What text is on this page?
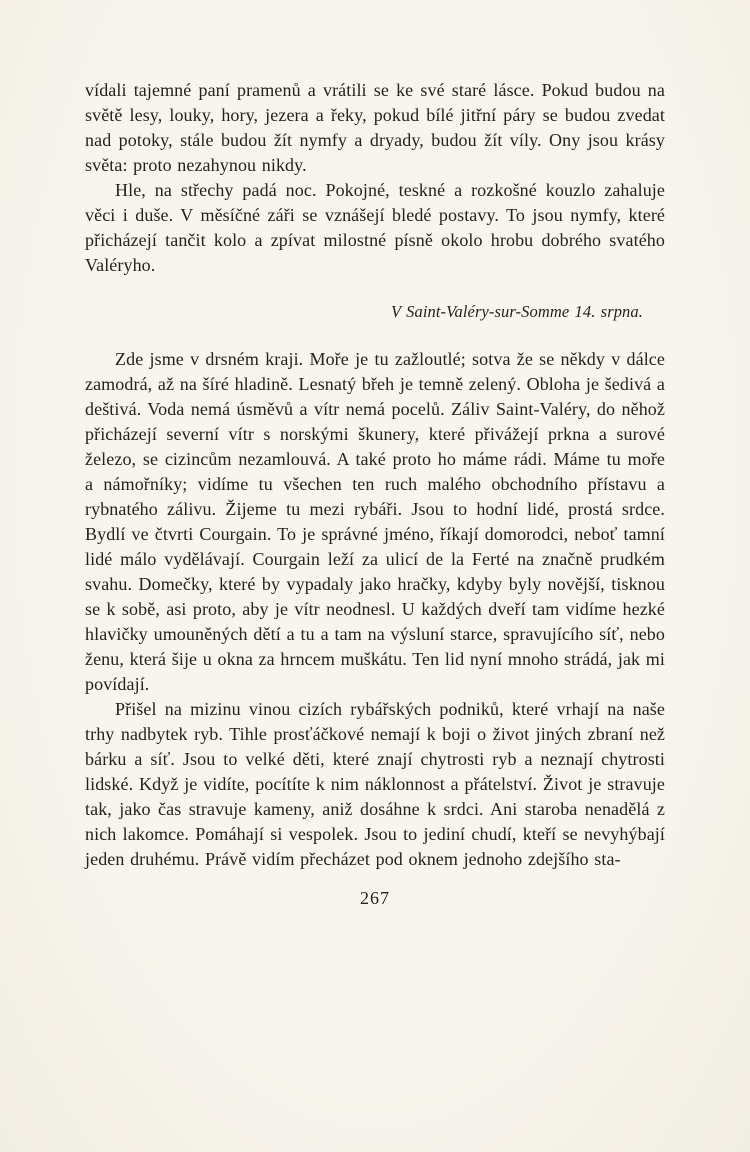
vídali tajemné paní pramenů a vrátili se ke své staré lásce. Pokud budou na světě lesy, louky, hory, jezera a řeky, pokud bílé jitřní páry se budou zvedat nad potoky, stále budou žít nymfy a dryady, budou žít víly. Ony jsou krásy světa: proto nezahynou nikdy.

Hle, na střechy padá noc. Pokojné, teskné a rozkošné kouzlo zahaluje věci i duše. V měsíčné záři se vznášejí bledé postavy. To jsou nymfy, které přicházejí tančit kolo a zpívat milostné písně okolo hrobu dobrého svatého Valéryho.

V Saint-Valéry-sur-Somme 14. srpna.

Zde jsme v drsném kraji. Moře je tu zažloutlé; sotva že se někdy v dálce zamodrá, až na šíré hladině. Lesnatý břeh je temně zelený. Obloha je šedivá a deštivá. Voda nemá úsměvů a vítr nemá pocelů. Záliv Saint-Valéry, do něhož přicházejí severní vítr s norskými škunery, které přivážejí prkna a surové železo, se cizincům nezamlouvá. A také proto ho máme rádi. Máme tu moře a námořníky; vidíme tu všechen ten ruch malého obchodního přístavu a rybnatého zálivu. Žijeme tu mezi rybáři. Jsou to hodní lidé, prostá srdce. Bydlí ve čtvrti Courgain. To je správné jméno, říkají domorodci, neboť tamní lidé málo vydělávají. Courgain leží za ulicí de la Ferté na značně prudkém svahu. Domečky, které by vypadaly jako hračky, kdyby byly novější, tisknou se k sobě, asi proto, aby je vítr neodnesl. U každých dveří tam vidíme hezké hlavičky umouněných dětí a tu a tam na výsluní starce, spravujícího síť, nebo ženu, která šije u okna za hrncem muškátu. Ten lid nyní mnoho strádá, jak mi povídají.

Přišel na mizinu vinou cizích rybářských podniků, které vrhají na naše trhy nadbytek ryb. Tihle prosťáčkové nemají k boji o život jiných zbraní než bárku a síť. Jsou to velké děti, které znají chytrosti ryb a neznají chytrosti lidské. Když je vidíte, pocítíte k nim náklonnost a přátelství. Život je stravuje tak, jako čas stravuje kameny, aniž dosáhne k srdci. Ani staroba nenadělá z nich lakomce. Pomáhají si vespolek. Jsou to jediní chudí, kteří se nevyhýbají jeden druhému. Právě vidím přecházet pod oknem jednoho zdejšího sta-

267
